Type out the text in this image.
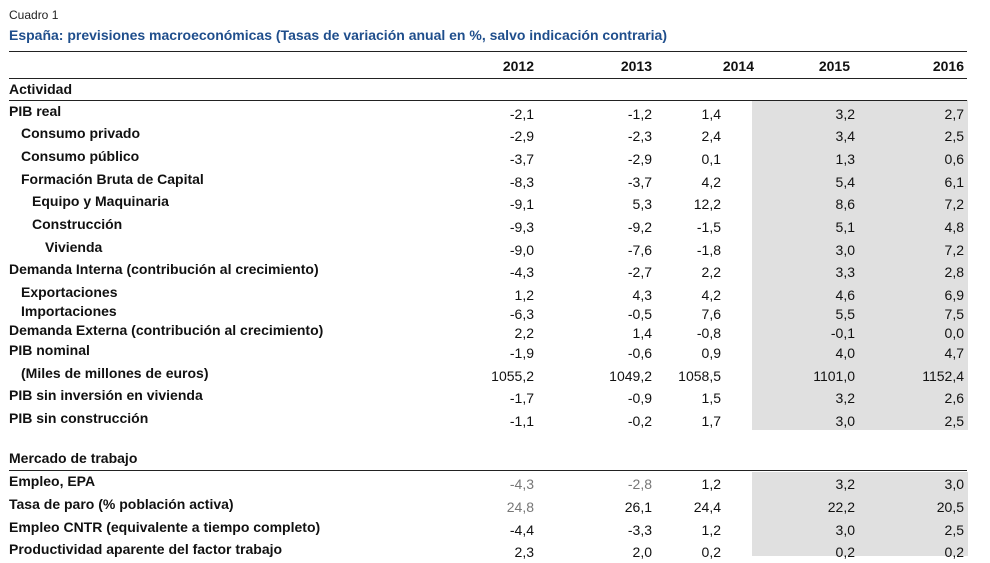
Cuadro 1
España: previsiones macroeconómicas (Tasas de variación anual en %, salvo indicación contraria)
2012	2013	2014	2015	2016
Actividad
PIB real	-2,1	-1,2	1,4	3,2	2,7
Consumo privado	-2,9	-2,3	2,4	3,4	2,5
Consumo público	-3,7	-2,9	0,1	1,3	0,6
Formación Bruta de Capital	-8,3	-3,7	4,2	5,4	6,1
Equipo y Maquinaria	-9,1	5,3	12,2	8,6	7,2
Construcción	-9,3	-9,2	-1,5	5,1	4,8
Vivienda	-9,0	-7,6	-1,8	3,0	7,2
Demanda Interna (contribución al crecimiento)	-4,3	-2,7	2,2	3,3	2,8
Exportaciones	1,2	4,3	4,2	4,6	6,9
Importaciones	-6,3	-0,5	7,6	5,5	7,5
Demanda Externa (contribución al crecimiento)	2,2	1,4	-0,8	-0,1	0,0
PIB nominal	-1,9	-0,6	0,9	4,0	4,7
(Miles de millones de euros)	1055,2	1049,2	1058,5	1101,0	1152,4
PIB sin inversión en vivienda	-1,7	-0,9	1,5	3,2	2,6
PIB sin construcción	-1,1	-0,2	1,7	3,0	2,5
Mercado de trabajo
Empleo, EPA	-4,3	-2,8	1,2	3,2	3,0
Tasa de paro (% población activa)	24,8	26,1	24,4	22,2	20,5
Empleo CNTR (equivalente a tiempo completo)	-4,4	-3,3	1,2	3,0	2,5
Productividad aparente del factor trabajo	2,3	2,0	0,2	0,2	0,2
